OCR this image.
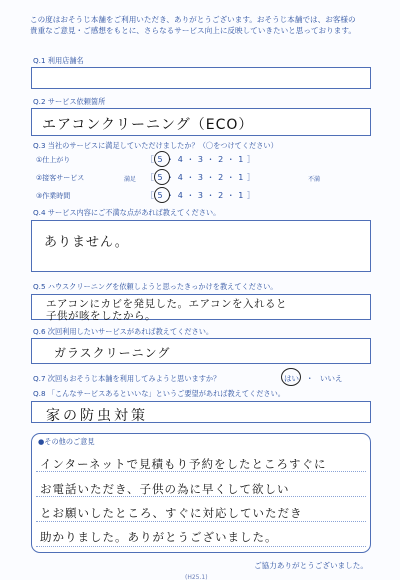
この度はおそうじ本舗をご利用いただき、ありがとうございます。おそうじ本舗では、お客様の
貴重なご意見・ご感想をもとに、さらなるサービス向上に反映していきたいと思っております。
Q.1 利用店舗名
Q.2 サービス依頼箇所
エアコンクリーニング（ECO）
Q.3 当社のサービスに満足していただけましたか？（〇をつけてください）
①仕上がり	［ 5 ・ 4 ・ 3 ・ 2 ・ 1 ］
②接客サービス	満足 ［ 5 ・ 4 ・ 3 ・ 2 ・ 1 ］	不満
③作業時間	［ 5 ・ 4 ・ 3 ・ 2 ・ 1 ］
Q.4 サービス内容にご不満な点があれば教えてください。
ありません。
Q.5 ハウスクリーニングを依頼しようと思ったきっかけを教えてください。
エアコンにカビを発見した。エアコンを入れると
子供が咳をしたから。
Q.6 次回利用したいサービスがあれば教えてください。
ガラスクリーニング
Q.7 次回もおそうじ本舗を利用してみようと思いますか？	はい ・ いいえ
Q.8 「こんなサービスあるといいな」というご要望があれば教えてください。
家の防虫対策
●その他のご意見
インターネットで見積もり予約をしたところすぐに
お電話いただき、子供の為に早くして欲しい
とお願いしたところ、すぐに対応していただき
助かりました。ありがとうございました。
ご協力ありがとうございました。
(H25.1)
